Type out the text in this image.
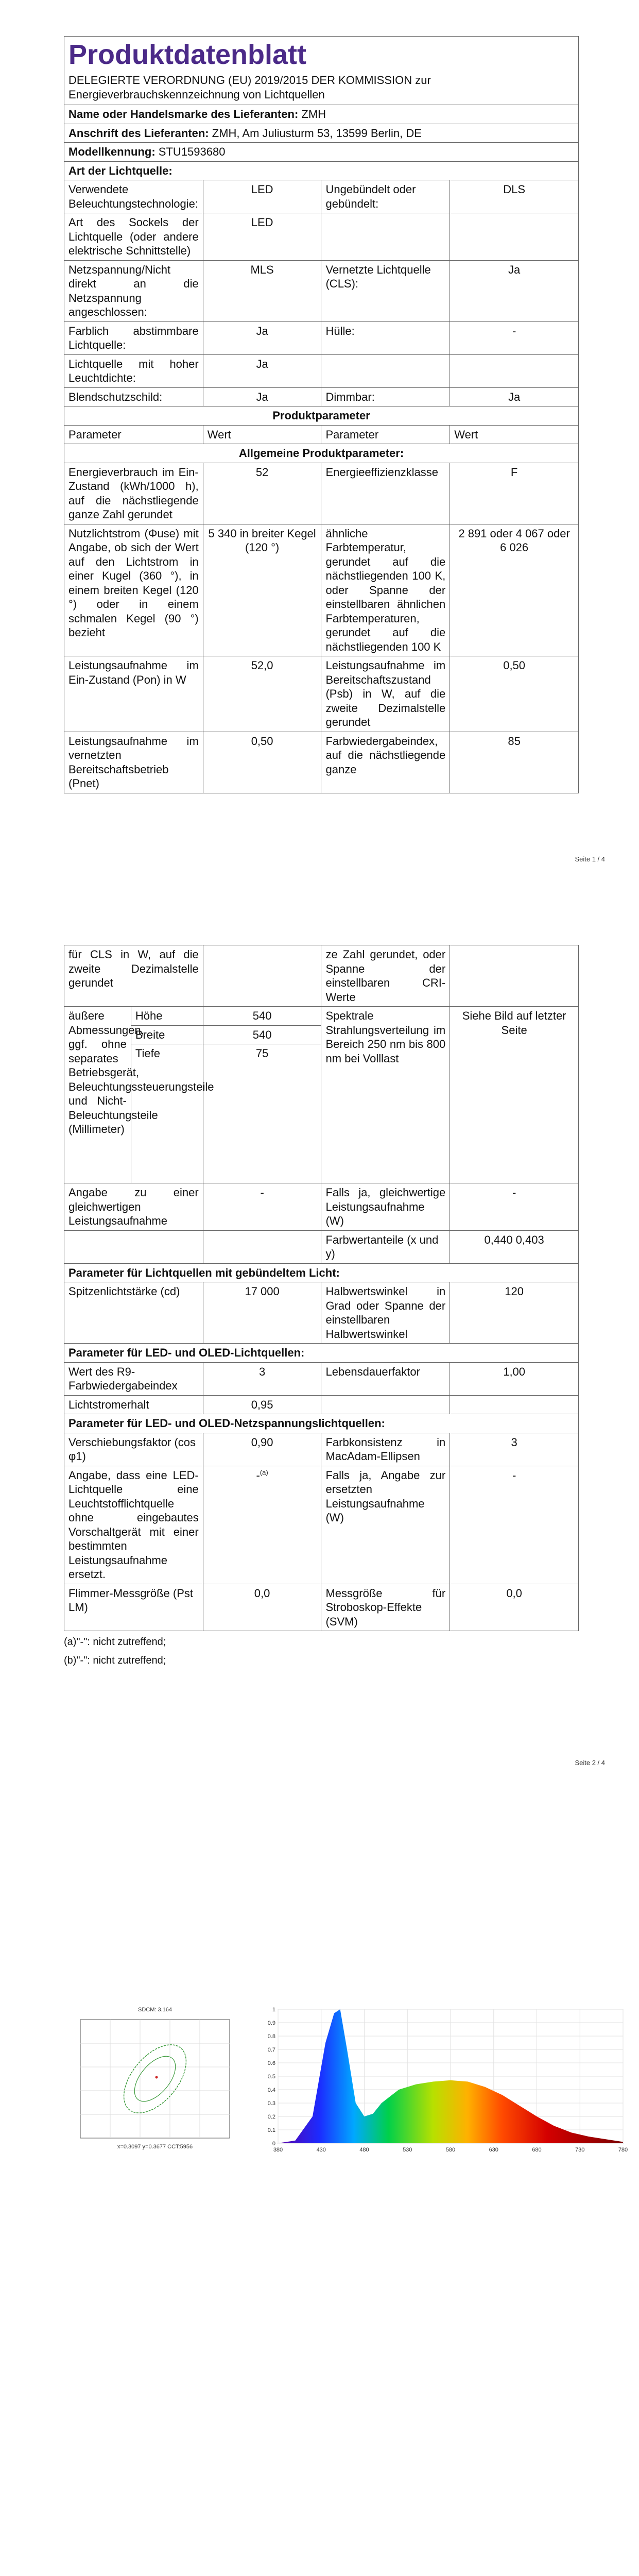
Produktdatenblatt
DELEGIERTE VERORDNUNG (EU) 2019/2015 DER KOMMISSION zur Energieverbrauchskennzeichnung von Lichtquellen			

Name oder Handelsmarke des Lieferanten: ZMH			
Anschrift des Lieferanten: ZMH, Am Juliusturm 53, 13599 Berlin, DE			
Modellkennung: STU1593680			
Art der Lichtquelle:			
Verwendete Beleuchtungstechnologie:	LED	Ungebündelt oder gebündelt:	DLS
Art des Sockels der Lichtquelle (oder andere elektrische Schnittstelle)	LED		
Netzspannung/Nicht direkt an die Netzspannung angeschlossen:	MLS	Vernetzte Lichtquelle (CLS):	Ja
Farblich abstimmbare Lichtquelle:	Ja	Hülle:	-
Lichtquelle mit hoher Leuchtdichte:	Ja		
Blendschutzschild:	Ja	Dimmbar:	Ja
Produktparameter			
Parameter	Wert	Parameter	Wert
Allgemeine Produktparameter:			
Energieverbrauch im Ein-Zustand (kWh/1000 h), auf die nächstliegende ganze Zahl gerundet	52	Energieeffizienzklasse	F
Nutzlichtstrom (Φuse) mit Angabe, ob sich der Wert auf den Lichtstrom in einer Kugel (360 °), in einem breiten Kegel (120 °) oder in einem schmalen Kegel (90 °) bezieht	5 340 in breiter Kegel (120 °)	ähnliche Farbtemperatur, gerundet auf die nächstliegenden 100 K, oder Spanne der einstellbaren ähnlichen Farbtemperaturen, gerundet auf die nächstliegenden 100 K	2 891 oder 4 067 oder 6 026
Leistungsaufnahme im Ein-Zustand (Pon) in W	52,0	Leistungsaufnahme im Bereitschaftszustand (Psb) in W, auf die zweite Dezimalstelle gerundet	0,50
Leistungsaufnahme im vernetzten Bereitschaftsbetrieb (Pnet)	0,50	Farbwiedergabeindex, auf die nächstliegende ganze	85
Seite 1 / 4
für CLS in W, auf die zweite Dezimalstelle gerundet			ze Zahl gerundet, oder Spanne der einstellbaren CRI-Werte	
äußere Abmessungen, ggf. ohne separates Betriebsgerät, Beleuchtungssteuerungsteile und Nicht-Beleuchtungsteile (Millimeter)	Höhe	540	Spektrale Strahlungsverteilung im Bereich 250 nm bis 800 nm bei Volllast	Siehe Bild auf letzter Seite
	Breite	540		
	Tiefe	75		
Angabe zu einer gleichwertigen Leistungsaufnahme		-	Falls ja, gleichwertige Leistungsaufnahme (W)	-
			Farbwertanteile (x und y)	0,440 0,403
Parameter für Lichtquellen mit gebündeltem Licht:				
Spitzenlichtstärke (cd)		17 000	Halbwertswinkel in Grad oder Spanne der einstellbaren Halbwertswinkel	120
Parameter für LED- und OLED-Lichtquellen:				
Wert des R9-Farbwiedergabeindex		3	Lebensdauerfaktor	1,00
Lichtstromerhalt		0,95		
Parameter für LED- und OLED-Netzspannungslichtquellen:				
Verschiebungsfaktor (cos φ1)		0,90	Farbkonsistenz in MacAdam-Ellipsen	3
Angabe, dass eine LED-Lichtquelle eine Leuchtstofflichtquelle ohne eingebautes Vorschaltgerät mit einer bestimmten Leistungsaufnahme ersetzt.		-$^{(a)}$	Falls ja, Angabe zur ersetzten Leistungsaufnahme (W)	-
Flimmer-Messgröße (Pst LM)		0,0	Messgröße für Stroboskop-Effekte (SVM)	0,0
(a)"-": nicht zutreffend;
(b)"-": nicht zutreffend;
Seite 2 / 4
SDCM: 3.164
x=0.3097 y=0.3677 CCT:5956	380	430	480	530	580	630	680	730	780
0
0.1
0.2
0.3
0.4
0.5
0.6
0.7
0.8
0.9
1
